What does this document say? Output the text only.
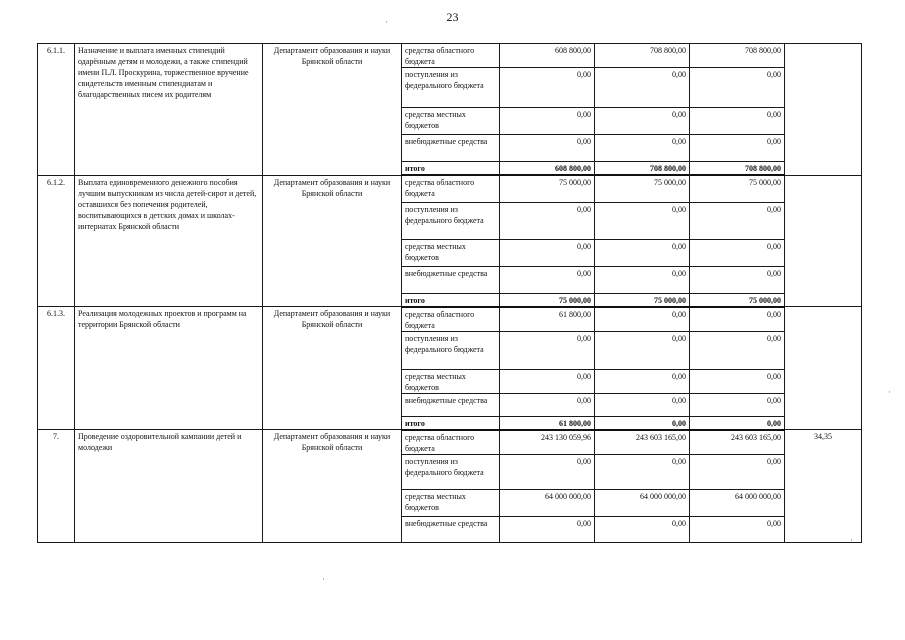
23
6.1.1.	Назначение и выплата именных стипендий одарённым детям и молодежи, а также стипендий имени П.Л. Проскурина, торжественное вручение свидетельств именным стипендиатам и благодарственных писем их родителям	Департамент образования и науки Брянской области	средства областного бюджета	608 800,00	708 800,00	708 800,00	
			поступления из федерального бюджета	0,00	0,00	0,00	
			средства местных бюджетов	0,00	0,00	0,00	
			внебюджетные средства	0,00	0,00	0,00	
			итого	608 800,00	708 800,00	708 800,00	
6.1.2.	Выплата единовременного денежного пособия лучшим выпускникам из числа детей-сирот и детей, оставшихся без попечения родителей, воспитывающихся в детских домах и школах-интернатах Брянской области	Департамент образования и науки Брянской области	средства областного бюджета	75 000,00	75 000,00	75 000,00	
			поступления из федерального бюджета	0,00	0,00	0,00	
			средства местных бюджетов	0,00	0,00	0,00	
			внебюджетные средства	0,00	0,00	0,00	
			итого	75 000,00	75 000,00	75 000,00	
6.1.3.	Реализация молодежных проектов и программ на территории Брянской области	Департамент образования и науки Брянской области	средства областного бюджета	61 800,00	0,00	0,00	
			поступления из федерального бюджета	0,00	0,00	0,00	
			средства местных бюджетов	0,00	0,00	0,00	
			внебюджетные средства	0,00	0,00	0,00	
			итого	61 800,00	0,00	0,00	
7.	Проведение оздоровительной кампании детей и молодежи	Департамент образования и науки Брянской области	средства областного бюджета	243 130 059,96	243 603 165,00	243 603 165,00	34,35
			поступления из федерального бюджета	0,00	0,00	0,00	
			средства местных бюджетов	64 000 000,00	64 000 000,00	64 000 000,00	
			внебюджетные средства	0,00	0,00	0,00	
·
·
·
·
